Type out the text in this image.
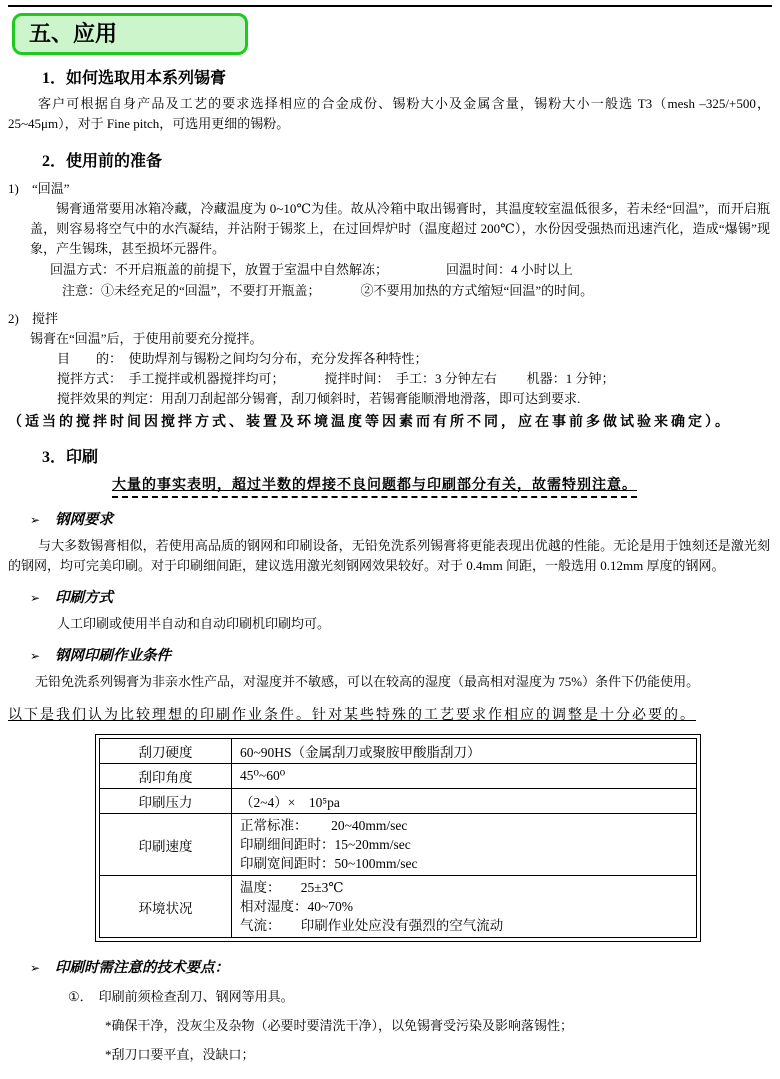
五、应用
1．如何选取用本系列锡膏
客户可根据自身产品及工艺的要求选择相应的合金成份、锡粉大小及金属含量，锡粉大小一般选 T3（mesh –325/+500，25~45μm），对于 Fine pitch，可选用更细的锡粉。
2．使用前的准备
1) “回温”
锡膏通常要用冰箱冷藏，冷藏温度为 0~10℃为佳。故从冷箱中取出锡膏时，其温度较室温低很多，若未经“回温”，而开启瓶盖，则容易将空气中的水汽凝结，并沾附于锡浆上，在过回焊炉时（温度超过 200℃），水份因受强热而迅速汽化，造成“爆锡”现象，产生锡珠，甚至损坏元器件。
回温方式：不开启瓶盖的前提下，放置于室温中自然解冻；	回温时间：4 小时以上
注意：①未经充足的“回温”，不要打开瓶盖；	②不要用加热的方式缩短“回温”的时间。
2) 搅拌
锡膏在“回温”后，于使用前要充分搅拌。
目　　的：　使助焊剂与锡粉之间均匀分布，充分发挥各种特性；
搅拌方式：　手工搅拌或机器搅拌均可；	搅拌时间：　手工：3 分钟左右 机器：1 分钟；
搅拌效果的判定：用刮刀刮起部分锡膏，刮刀倾斜时，若锡膏能顺滑地滑落，即可达到要求.
（适当的搅拌时间因搅拌方式、装置及环境温度等因素而有所不同，应在事前多做试验来确定）。
3．印刷
大量的事实表明，超过半数的焊接不良问题都与印刷部分有关，故需特别注意。
➢ 钢网要求
与大多数锡膏相似，若使用高品质的钢网和印刷设备，无铅免洗系列锡膏将更能表现出优越的性能。无论是用于蚀刻还是激光刻的钢网，均可完美印刷。对于印刷细间距，建议选用激光刻钢网效果较好。对于 0.4mm 间距，一般选用 0.12mm 厚度的钢网。
➢ 印刷方式
人工印刷或使用半自动和自动印刷机印刷均可。
➢ 钢网印刷作业条件
无铅免洗系列锡膏为非亲水性产品，对湿度并不敏感，可以在较高的湿度（最高相对湿度为 75%）条件下仍能使用。
以下是我们认为比较理想的印刷作业条件。针对某些特殊的工艺要求作相应的调整是十分必要的。
刮刀硬度	60~90HS（金属刮刀或聚胺甲酸脂刮刀）
刮印角度	45⁰~60⁰
印刷压力	（2~4）×　10⁵pa
印刷速度	正常标准：　　 20~40mm/sec
印刷细间距时：15~20mm/sec
印刷宽间距时：50~100mm/sec

环境状况	温度：　　25±3℃
相对湿度：40~70%
气流：　　印刷作业处应没有强烈的空气流动
➢ 印刷时需注意的技术要点：
①． 印刷前须检查刮刀、钢网等用具。
*确保干净，没灰尘及杂物（必要时要清洗干净），以免锡膏受污染及影响落锡性；
*刮刀口要平直，没缺口；
